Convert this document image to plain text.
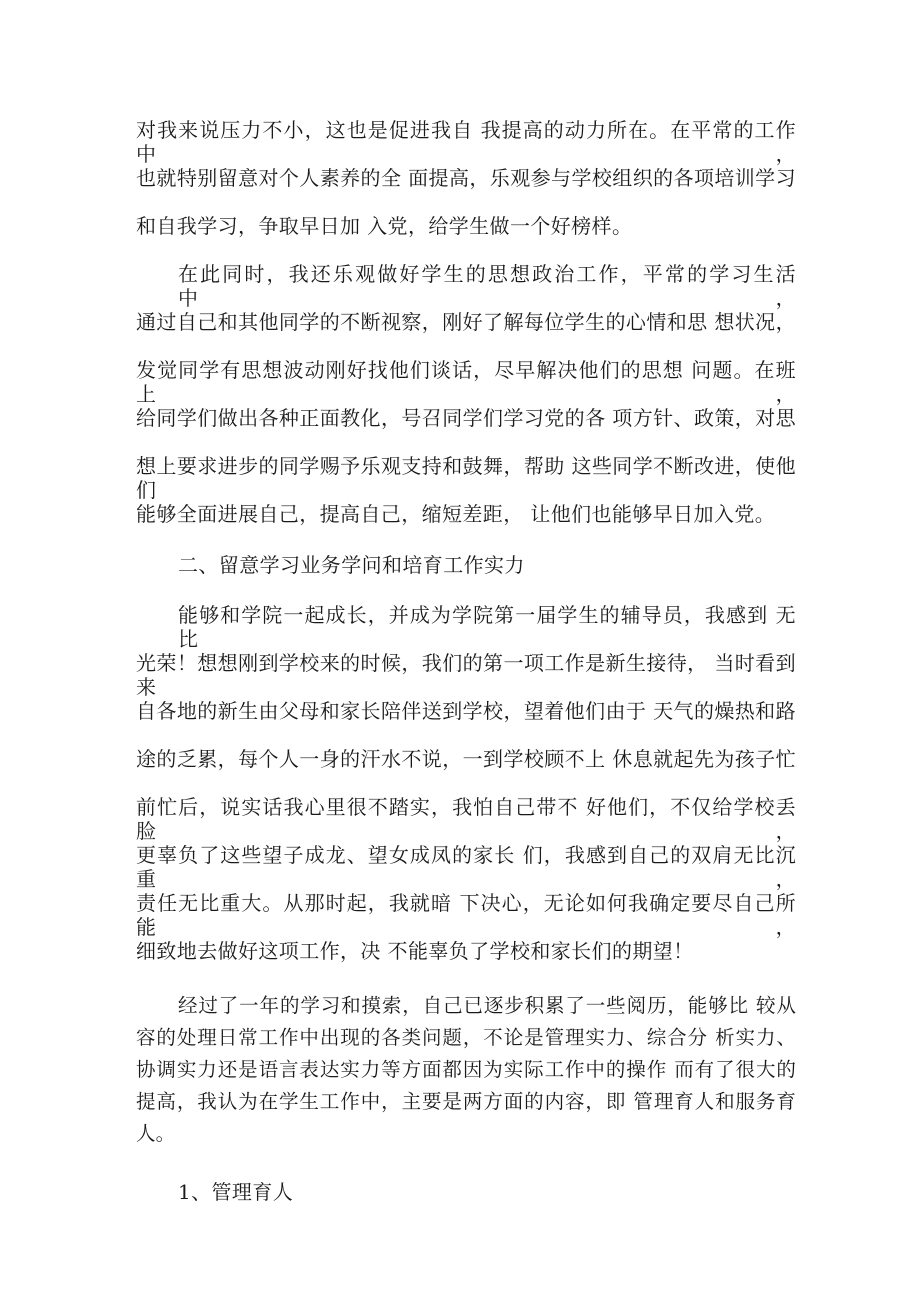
对我来说压力不小，这也是促进我自 我提高的动力所在。在平常的工作中，
也就特别留意对个人素养的全 面提高，乐观参与学校组织的各项培训学习
和自我学习，争取早日加 入党，给学生做一个好榜样。
在此同时，我还乐观做好学生的思想政治工作，平常的学习生活 中，
通过自己和其他同学的不断视察，刚好了解每位学生的心情和思 想状况，
发觉同学有思想波动刚好找他们谈话，尽早解决他们的思想 问题。在班上，
给同学们做出各种正面教化，号召同学们学习党的各 项方针、政策，对思
想上要求进步的同学赐予乐观支持和鼓舞，帮助 这些同学不断改进，使他们
能够全面进展自己，提高自己，缩短差距， 让他们也能够早日加入党。
二、留意学习业务学问和培育工作实力
能够和学院一起成长，并成为学院第一届学生的辅导员，我感到 无比
光荣！想想刚到学校来的时候，我们的第一项工作是新生接待， 当时看到来
自各地的新生由父母和家长陪伴送到学校，望着他们由于 天气的燥热和路
途的乏累，每个人一身的汗水不说，一到学校顾不上 休息就起先为孩子忙
前忙后，说实话我心里很不踏实，我怕自己带不 好他们，不仅给学校丢脸，
更辜负了这些望子成龙、望女成凤的家长 们，我感到自己的双肩无比沉重，
责任无比重大。从那时起，我就暗 下决心，无论如何我确定要尽自己所能，
细致地去做好这项工作，决 不能辜负了学校和家长们的期望！
经过了一年的学习和摸索，自己已逐步积累了一些阅历，能够比 较从
容的处理日常工作中出现的各类问题，不论是管理实力、综合分 析实力、
协调实力还是语言表达实力等方面都因为实际工作中的操作 而有了很大的
提高，我认为在学生工作中，主要是两方面的内容，即 管理育人和服务育
人。
1、管理育人
